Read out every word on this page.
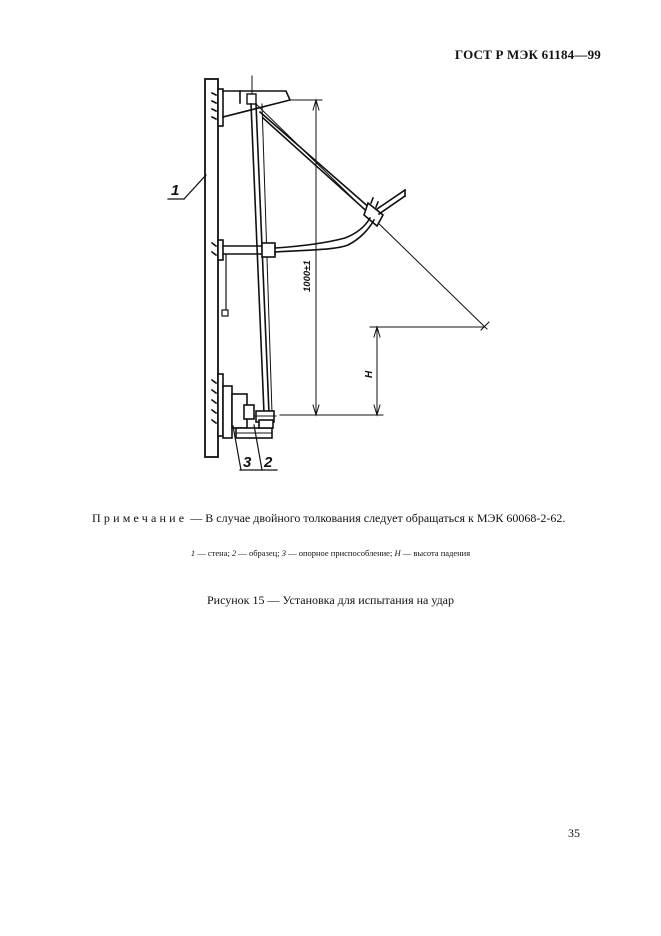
ГОСТ Р МЭК 61184—99
1
3 2
1000±1
H
Примечание — В случае двойного толкования следует обращаться к МЭК 60068-2-62.
1 — стена; 2 — образец; 3 — опорное приспособление; H — высота падения
Рисунок 15 — Установка для испытания на удар
35
